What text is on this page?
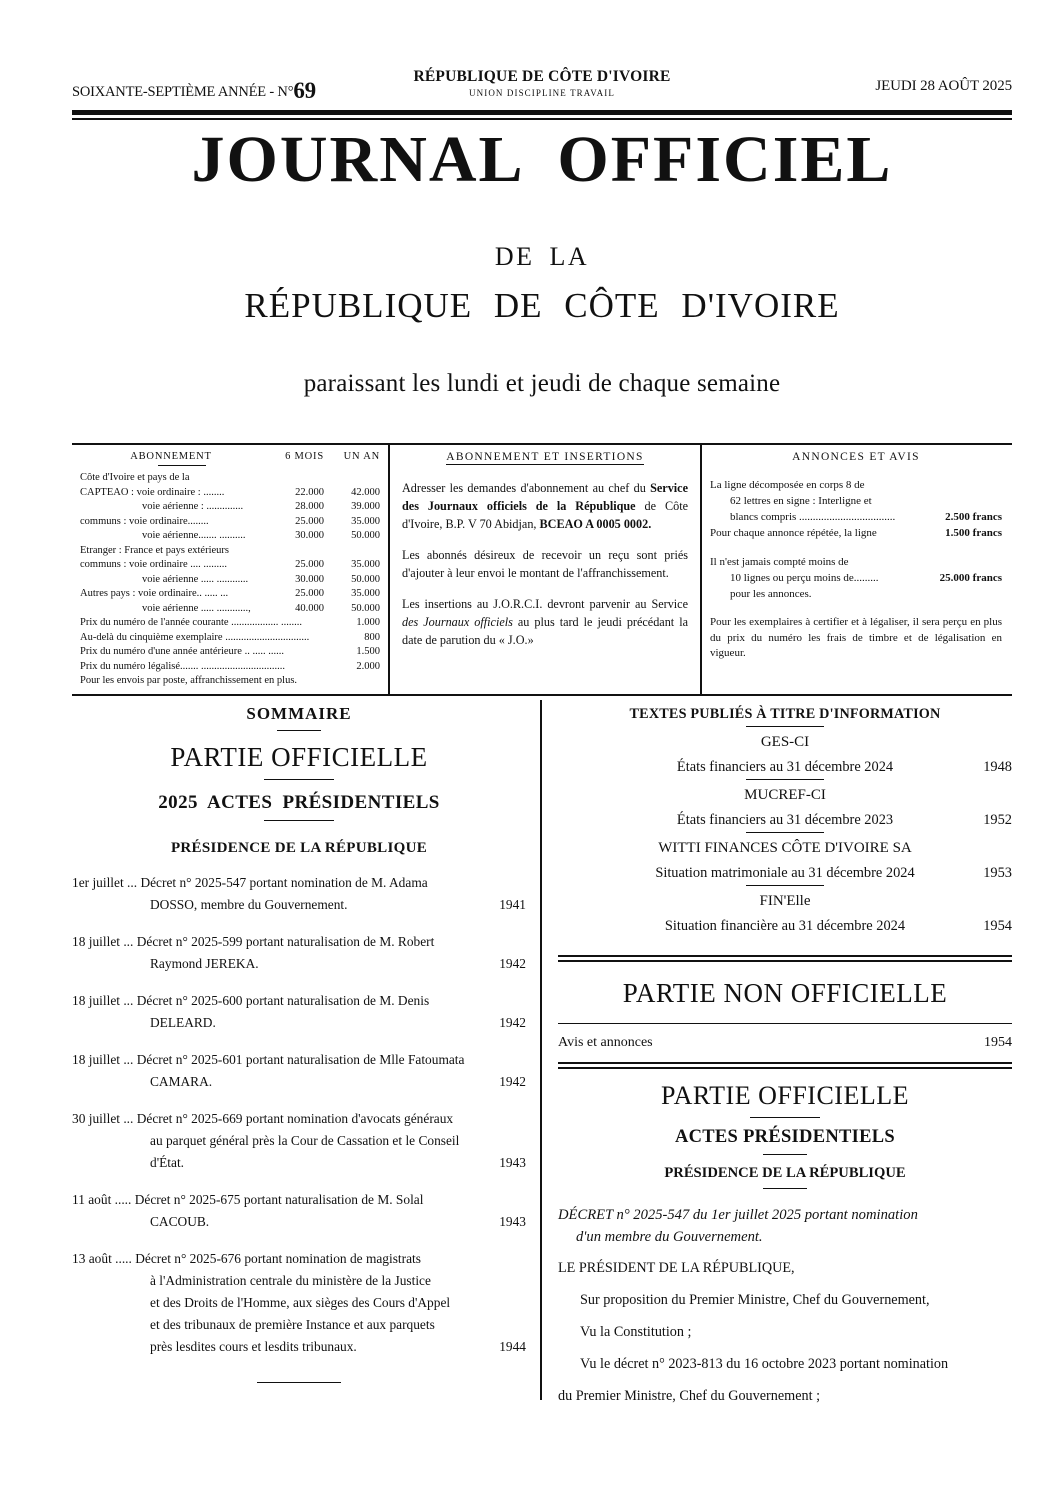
SOIXANTE-SEPTIÈME ANNÉE - N°69
RÉPUBLIQUE DE CÔTE D'IVOIRE
UNION DISCIPLINE TRAVAIL	JEUDI 28 AOÛT 2025
JOURNAL OFFICIEL
DE LA
RÉPUBLIQUE DE CÔTE D'IVOIRE
paraissant les lundi et jeudi de chaque semaine
ABONNEMENT	6 MOIS	UN AN
Côte d'Ivoire et pays de la
CAPTEAO : voie ordinaire : ........	22.000	42.000
voie aérienne : ..............	28.000	39.000
communs : voie ordinaire........	25.000	35.000
voie aérienne....... ..........	30.000	50.000
Etranger : France et pays extérieurs
communs : voie ordinaire .... .........	25.000	35.000
voie aérienne ..... ............	30.000	50.000
Autres pays : voie ordinaire.. ..... ...	25.000	35.000
voie aérienne ..... ............,	40.000	50.000
Prix du numéro de l'année courante .................. ........	1.000
Au-delà du cinquième exemplaire ................................	800
Prix du numéro d'une année antérieure .. ..... ......	1.500
Prix du numéro légalisé....... ................................	2.000
Pour les envois par poste, affranchissement en plus.
ABONNEMENT ET INSERTIONS
Adresser les demandes d'abonnement au chef du Service des Journaux officiels de la République de Côte d'Ivoire, B.P. V 70 Abidjan, BCEAO A 0005 0002.
Les abonnés désireux de recevoir un reçu sont priés d'ajouter à leur envoi le montant de l'affranchissement.
Les insertions au J.O.R.C.I. devront parvenir au Service des Journaux officiels au plus tard le jeudi précédant la date de parution du « J.O.»
ANNONCES ET AVIS
La ligne décomposée en corps 8 de
62 lettres en signe : Interligne et
blancs compris ...................................	2.500 francs
Pour chaque annonce répétée, la ligne	1.500 francs
Il n'est jamais compté moins de
10 lignes ou perçu moins de.........	25.000 francs
pour les annonces.
Pour les exemplaires à certifier et à légaliser, il sera perçu en plus du prix du numéro les frais de timbre et de légalisation en vigueur.
SOMMAIRE
PARTIE OFFICIELLE
2025 ACTES PRÉSIDENTIELS
PRÉSIDENCE DE LA RÉPUBLIQUE
1er juillet ... Décret n° 2025-547 portant nomination de M. Adama
DOSSO, membre du Gouvernement.	1941
18 juillet ... Décret n° 2025-599 portant naturalisation de M. Robert
Raymond JEREKA.	1942
18 juillet ... Décret n° 2025-600 portant naturalisation de M. Denis
DELEARD.	1942
18 juillet ... Décret n° 2025-601 portant naturalisation de Mlle Fatoumata
CAMARA.	1942
30 juillet ... Décret n° 2025-669 portant nomination d'avocats généraux
au parquet général près la Cour de Cassation et le Conseil
d'État.	1943
11 août ..... Décret n° 2025-675 portant naturalisation de M. Solal
CACOUB.	1943
13 août ..... Décret n° 2025-676 portant nomination de magistrats
à l'Administration centrale du ministère de la Justice
et des Droits de l'Homme, aux sièges des Cours d'Appel
et des tribunaux de première Instance et aux parquets
près lesdites cours et lesdits tribunaux.	1944
TEXTES PUBLIÉS À TITRE D'INFORMATION
GES-CI
États financiers au 31 décembre 2024	1948
MUCREF-CI
États financiers au 31 décembre 2023	1952
WITTI FINANCES CÔTE D'IVOIRE SA
Situation matrimoniale au 31 décembre 2024	1953
FIN'Elle
Situation financière au 31 décembre 2024	1954
PARTIE NON OFFICIELLE
Avis et annonces	1954
PARTIE OFFICIELLE
ACTES PRÉSIDENTIELS
PRÉSIDENCE DE LA RÉPUBLIQUE
DÉCRET n° 2025-547 du 1er juillet 2025 portant nomination
d'un membre du Gouvernement.
LE PRÉSIDENT DE LA RÉPUBLIQUE,
Sur proposition du Premier Ministre, Chef du Gouvernement,
Vu la Constitution ;
Vu le décret n° 2023-813 du 16 octobre 2023 portant nomination
du Premier Ministre, Chef du Gouvernement ;
